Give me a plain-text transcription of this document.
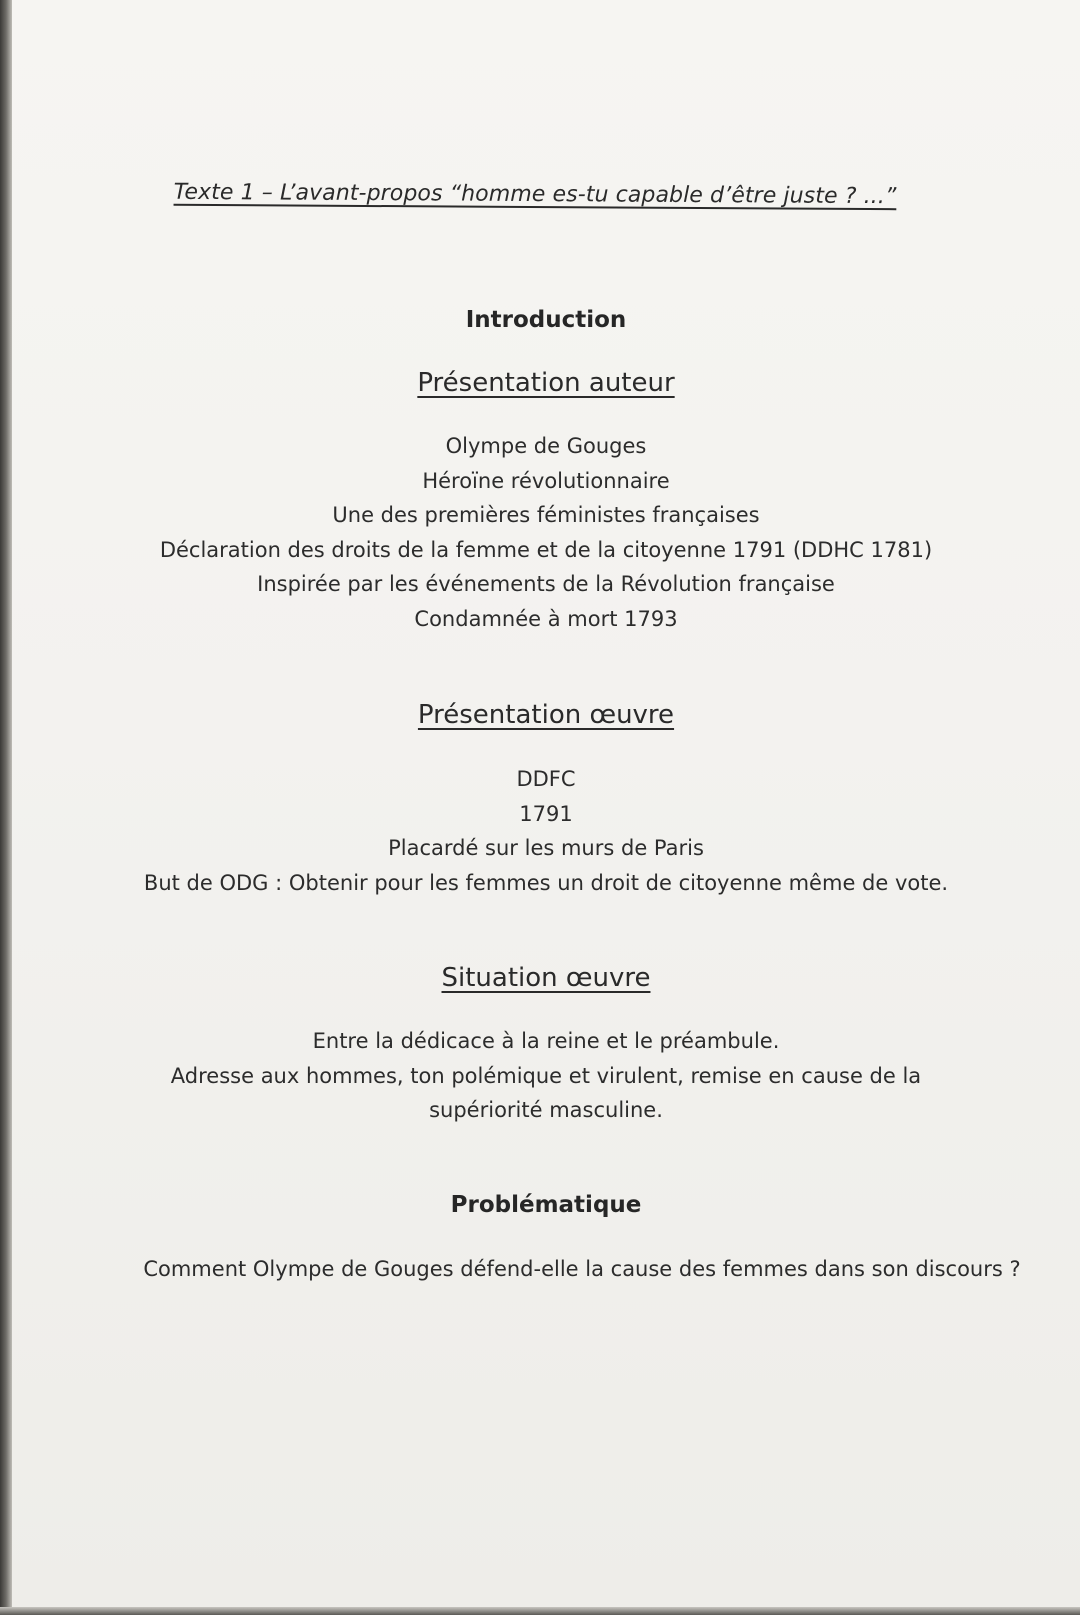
Texte 1 – L’avant-propos “homme es-tu capable d’être juste ? ...”
Introduction
Présentation auteur
Olympe de Gouges
Héroïne révolutionnaire
Une des premières féministes françaises
Déclaration des droits de la femme et de la citoyenne 1791 (DDHC 1781)
Inspirée par les événements de la Révolution française
Condamnée à mort 1793
Présentation œuvre
DDFC
1791
Placardé sur les murs de Paris
But de ODG : Obtenir pour les femmes un droit de citoyenne même de vote.
Situation œuvre
Entre la dédicace à la reine et le préambule.
Adresse aux hommes, ton polémique et virulent, remise en cause de la
supériorité masculine.
Problématique
Comment Olympe de Gouges défend-elle la cause des femmes dans son discours ?
